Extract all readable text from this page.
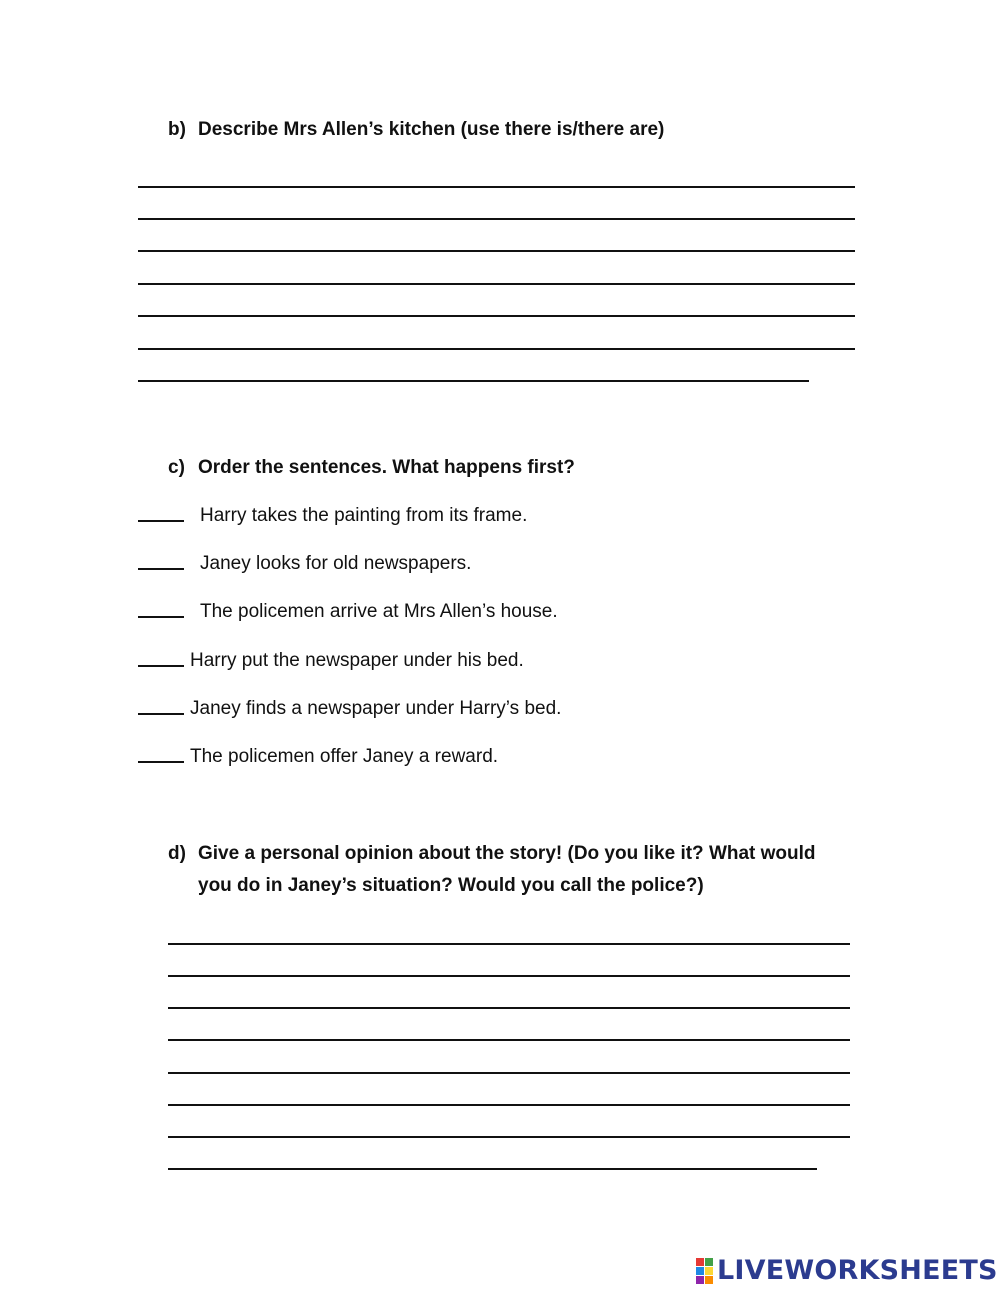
b) Describe Mrs Allen’s kitchen (use there is/there are)
c) Order the sentences. What happens first?
Harry takes the painting from its frame.
Janey looks for old newspapers.
The policemen arrive at Mrs Allen’s house.
Harry put the newspaper under his bed.
Janey finds a newspaper under Harry’s bed.
The policemen offer Janey a reward.
d) Give a personal opinion about the story! (Do you like it? What would
you do in Janey’s situation? Would you call the police?)
LIVEWORKSHEETS
